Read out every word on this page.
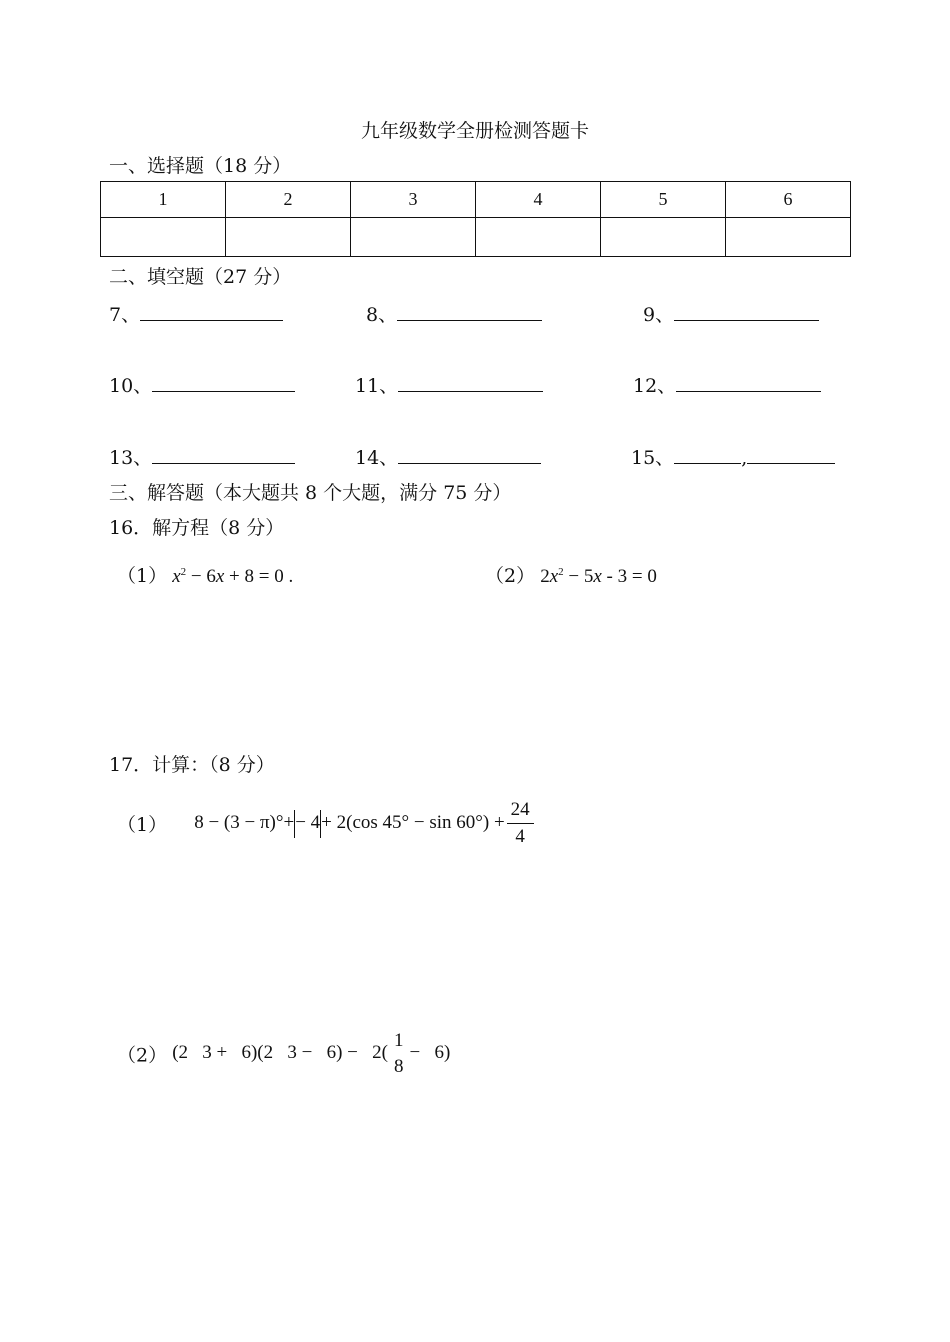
九年级数学全册检测答题卡
一、选择题（18 分）
1	2	3	4	5	6

二、填空题（27 分）
7、	8、	9、
10、	11、	12、
13、	14、	15、	,
三、解答题（本大题共 8 个大题，满分 75 分）
16．解方程（8 分）
（1） $x^2 - 6x + 8 = 0$ .	（2） $2x^2 - 5x - 3 = 0$
17．计算：（8 分）
（1） 8 − (3 − π)°+− 4+ 2(cos $45^\circ - \sin 60^\circ) + \frac{24}{4}$
（2） (2   3 +   6)(2   3 −   6) −   2(
1
8
−   6)
